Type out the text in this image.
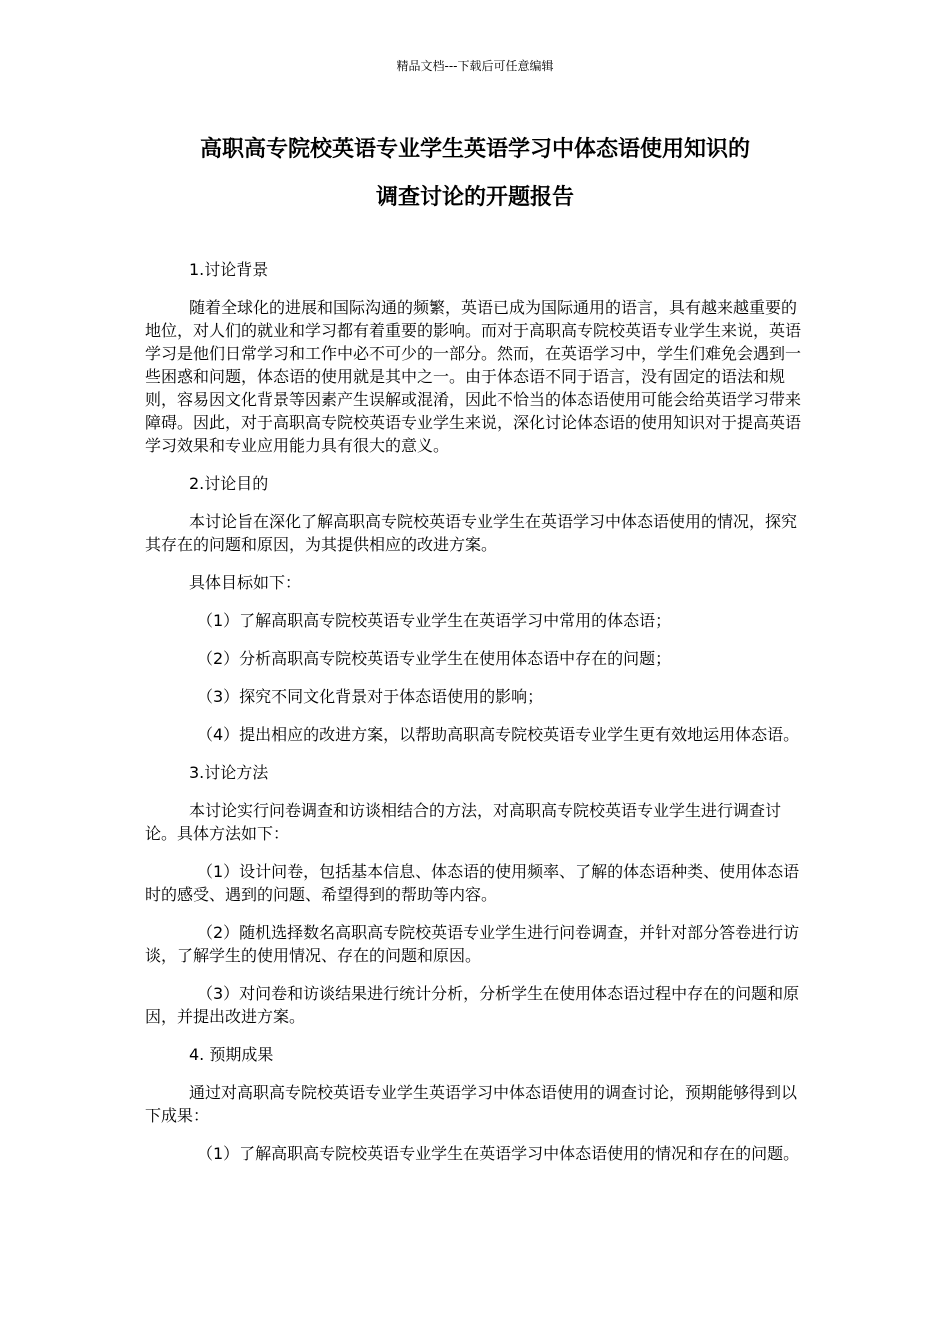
精品文档---下载后可任意编辑
高职高专院校英语专业学生英语学习中体态语使用知识的
调查讨论的开题报告

1.讨论背景

随着全球化的进展和国际沟通的频繁，英语已成为国际通用的语言，具有越来越重要的地位，对人们的就业和学习都有着重要的影响。而对于高职高专院校英语专业学生来说，英语学习是他们日常学习和工作中必不可少的一部分。然而，在英语学习中，学生们难免会遇到一些困惑和问题，体态语的使用就是其中之一。由于体态语不同于语言，没有固定的语法和规则，容易因文化背景等因素产生误解或混淆，因此不恰当的体态语使用可能会给英语学习带来障碍。因此，对于高职高专院校英语专业学生来说，深化讨论体态语的使用知识对于提高英语学习效果和专业应用能力具有很大的意义。

2.讨论目的

本讨论旨在深化了解高职高专院校英语专业学生在英语学习中体态语使用的情况，探究其存在的问题和原因，为其提供相应的改进方案。

具体目标如下：

（1）了解高职高专院校英语专业学生在英语学习中常用的体态语；

（2）分析高职高专院校英语专业学生在使用体态语中存在的问题；

（3）探究不同文化背景对于体态语使用的影响；

（4）提出相应的改进方案，以帮助高职高专院校英语专业学生更有效地运用体态语。

3.讨论方法

本讨论实行问卷调查和访谈相结合的方法，对高职高专院校英语专业学生进行调查讨论。具体方法如下：

（1）设计问卷，包括基本信息、体态语的使用频率、了解的体态语种类、使用体态语时的感受、遇到的问题、希望得到的帮助等内容。

（2）随机选择数名高职高专院校英语专业学生进行问卷调查，并针对部分答卷进行访谈，了解学生的使用情况、存在的问题和原因。

（3）对问卷和访谈结果进行统计分析，分析学生在使用体态语过程中存在的问题和原因，并提出改进方案。

4. 预期成果

通过对高职高专院校英语专业学生英语学习中体态语使用的调查讨论，预期能够得到以下成果：

（1）了解高职高专院校英语专业学生在英语学习中体态语使用的情况和存在的问题。
